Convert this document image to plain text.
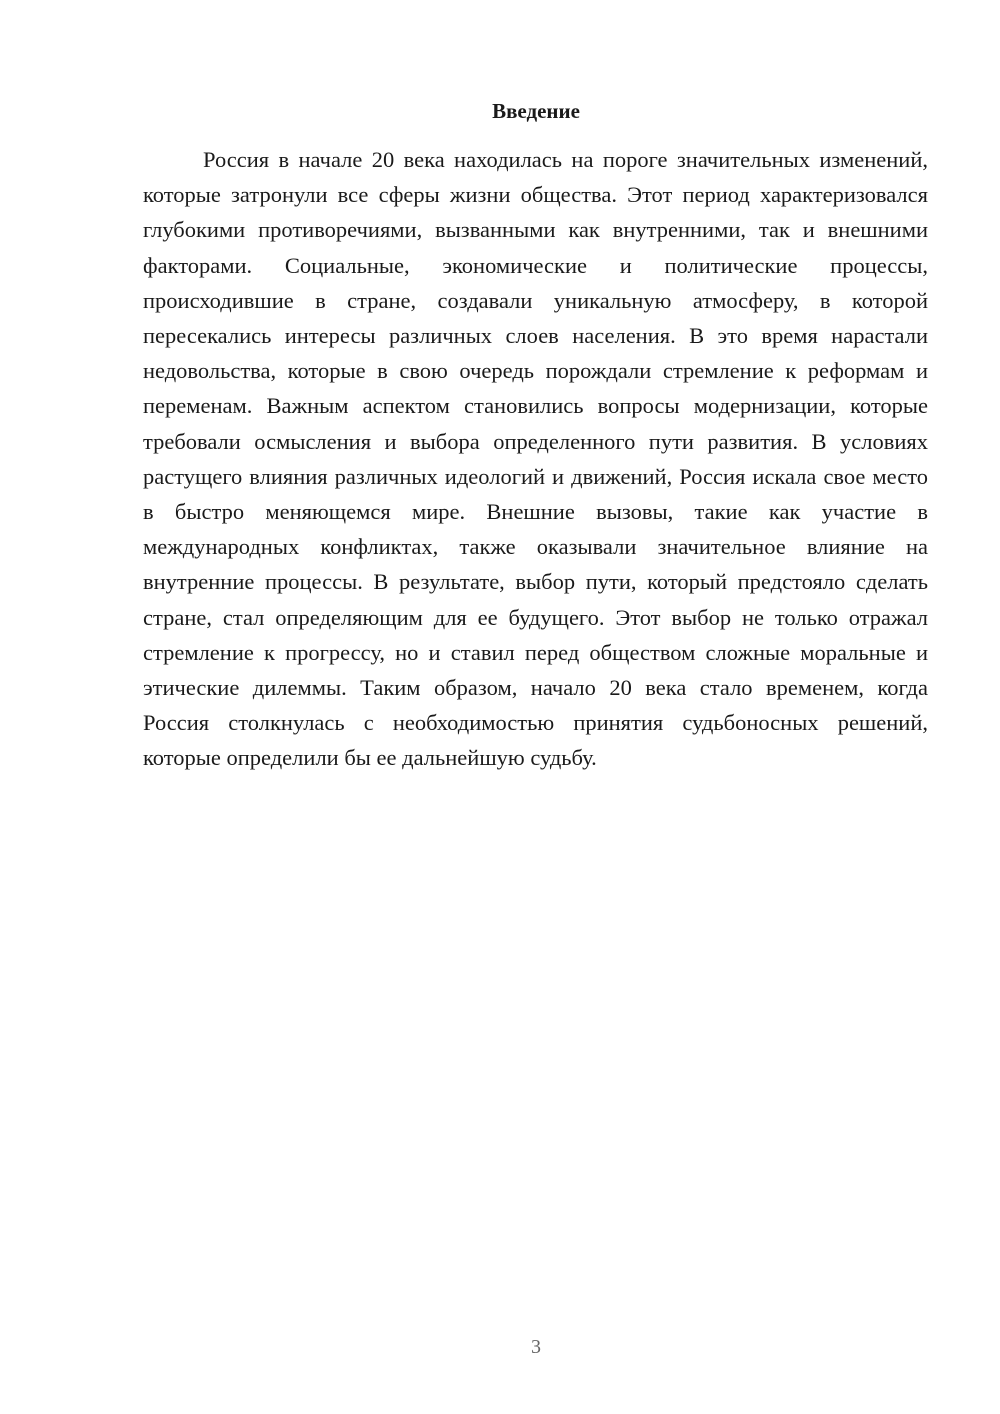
Введение

Россия в начале 20 века находилась на пороге значительных изменений, которые затронули все сферы жизни общества. Этот период характеризовался глубокими противоречиями, вызванными как внутренними, так и внешними факторами. Социальные, экономические и политические процессы, происходившие в стране, создавали уникальную атмосферу, в которой пересекались интересы различных слоев населения. В это время нарастали недовольства, которые в свою очередь порождали стремление к реформам и переменам. Важным аспектом становились вопросы модернизации, которые требовали осмысления и выбора определенного пути развития. В условиях растущего влияния различных идеологий и движений, Россия искала свое место в быстро меняющемся мире. Внешние вызовы, такие как участие в международных конфликтах, также оказывали значительное влияние на внутренние процессы. В результате, выбор пути, который предстояло сделать стране, стал определяющим для ее будущего. Этот выбор не только отражал стремление к прогрессу, но и ставил перед обществом сложные моральные и этические дилеммы. Таким образом, начало 20 века стало временем, когда Россия столкнулась с необходимостью принятия судьбоносных решений, которые определили бы ее дальнейшую судьбу.

3
